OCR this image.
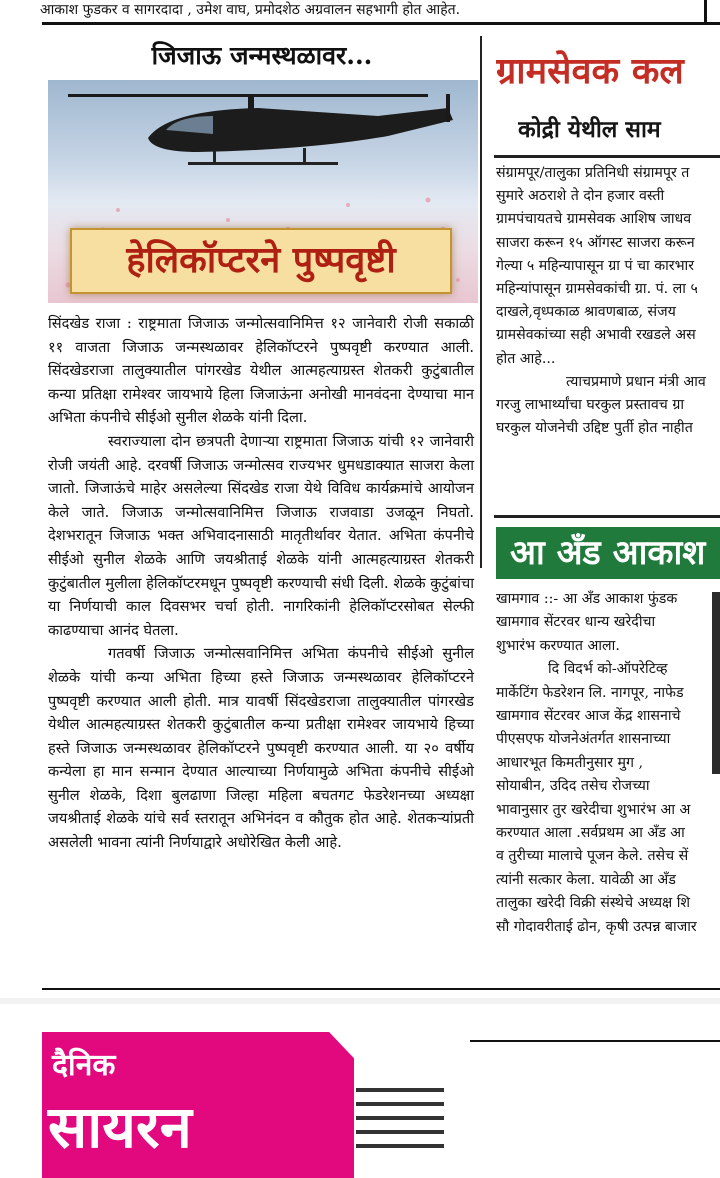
आकाश फुडकर व सागरदादा , उमेश वाघ, प्रमोदशेठ अग्रवालन सहभागी होत आहेत.
जिजाऊ जन्मस्थळावर...
हेलिकॉप्टरने पुष्पवृष्टी

सिंदखेड राजा : राष्ट्रमाता जिजाऊ जन्मोत्सवानिमित्त १२ जानेवारी रोजी सकाळी ११ वाजता जिजाऊ जन्मस्थळावर हेलिकॉप्टरने पुष्पवृष्टी करण्यात आली. सिंदखेडराजा तालुक्यातील पांगरखेड येथील आत्महत्याग्रस्त शेतकरी कुटुंबातील कन्या प्रतिक्षा रामेश्वर जायभाये हिला जिजाऊंना अनोखी मानवंदना देण्याचा मान अभिता कंपनीचे सीईओ सुनील शेळके यांनी दिला.

स्वराज्याला दोन छत्रपती देणाऱ्या राष्ट्रमाता जिजाऊ यांची १२ जानेवारी रोजी जयंती आहे. दरवर्षी जिजाऊ जन्मोत्सव राज्यभर धुमधडाक्यात साजरा केला जातो. जिजाऊंचे माहेर असलेल्या सिंदखेड राजा येथे विविध कार्यक्रमांचे आयोजन केले जाते. जिजाऊ जन्मोत्सवानिमित्त जिजाऊ राजवाडा उजळून निघतो. देशभरातून जिजाऊ भक्त अभिवादनासाठी मातृतीर्थावर येतात. अभिता कंपनीचे सीईओ सुनील शेळके आणि जयश्रीताई शेळके यांनी आत्महत्याग्रस्त शेतकरी कुटुंबातील मुलीला हेलिकॉप्टरमधून पुष्पवृष्टी करण्याची संधी दिली. शेळके कुटुंबांचा या निर्णयाची काल दिवसभर चर्चा होती. नागरिकांनी हेलिकॉप्टरसोबत सेल्फी काढण्याचा आनंद घेतला.

गतवर्षी जिजाऊ जन्मोत्सवानिमित्त अभिता कंपनीचे सीईओ सुनील शेळके यांची कन्या अभिता हिच्या हस्ते जिजाऊ जन्मस्थळावर हेलिकॉप्टरने पुष्पवृष्टी करण्यात आली होती. मात्र यावर्षी सिंदखेडराजा तालुक्यातील पांगरखेड येथील आत्महत्याग्रस्त शेतकरी कुटुंबातील कन्या प्रतीक्षा रामेश्वर जायभाये हिच्या हस्ते जिजाऊ जन्मस्थळावर हेलिकॉप्टरने पुष्पवृष्टी करण्यात आली. या २० वर्षीय कन्येला हा मान सन्मान देण्यात आल्याच्या निर्णयामुळे अभिता कंपनीचे सीईओ सुनील शेळके, दिशा बुलढाणा जिल्हा महिला बचतगट फेडरेशनच्या अध्यक्षा जयश्रीताई शेळके यांचे सर्व स्तरातून अभिनंदन व कौतुक होत आहे. शेतकऱ्यांप्रती असलेली भावना त्यांनी निर्णयाद्वारे अधोरेखित केली आहे.

ग्रामसेवक कल
कोद्री येथील साम

संग्रामपूर/तालुका प्रतिनिधी संग्रामपूर त

सुमारे अठराशे ते दोन हजार वस्ती

ग्रामपंचायतचे ग्रामसेवक आशिष जाधव

साजरा करून १५ ऑगस्ट साजरा करून

गेल्या ५ महिन्यापासून ग्रा पं चा कारभार

महिन्यांपासून ग्रामसेवकांची ग्रा. पं. ला ५

दाखले,वृध्पकाळ श्रावणबाळ, संजय

ग्रामसेवकांच्या सही अभावी रखडले अस

होत आहे...

त्याचप्रमाणे प्रधान मंत्री आव

गरजु लाभार्थ्यांचा घरकुल प्रस्तावच ग्रा

घरकुल योजनेची उद्दिष्ट पुर्ती होत नाहीत

आ अँड आकाश

खामगाव ::- आ अँड आकाश फुंडक

खामगाव सेंटरवर धान्य खरेदीचा

शुभारंभ करण्यात आला.

दि विदर्भ को-ऑपरेटिव्ह

मार्केटिंग फेडरेशन लि. नागपूर, नाफेड

खामगाव सेंटरवर आज केंद्र शासनाचे

पीएसएफ योजनेअंतर्गत शासनाच्या

आधारभूत किमतीनुसार मुग ,

सोयाबीन, उदिद तसेच रोजच्या

भावानुसार तुर खरेदीचा शुभारंभ आ अ

करण्यात आला .सर्वप्रथम आ अँड आ

व तुरीच्या मालाचे पूजन केले. तसेच सें

त्यांनी सत्कार केला. यावेळी आ अँड

तालुका खरेदी विक्री संस्थेचे अध्यक्ष शि

सौ गोदावरीताई ढोन, कृषी उत्पन्न बाजार

दैनिक
सायरन
